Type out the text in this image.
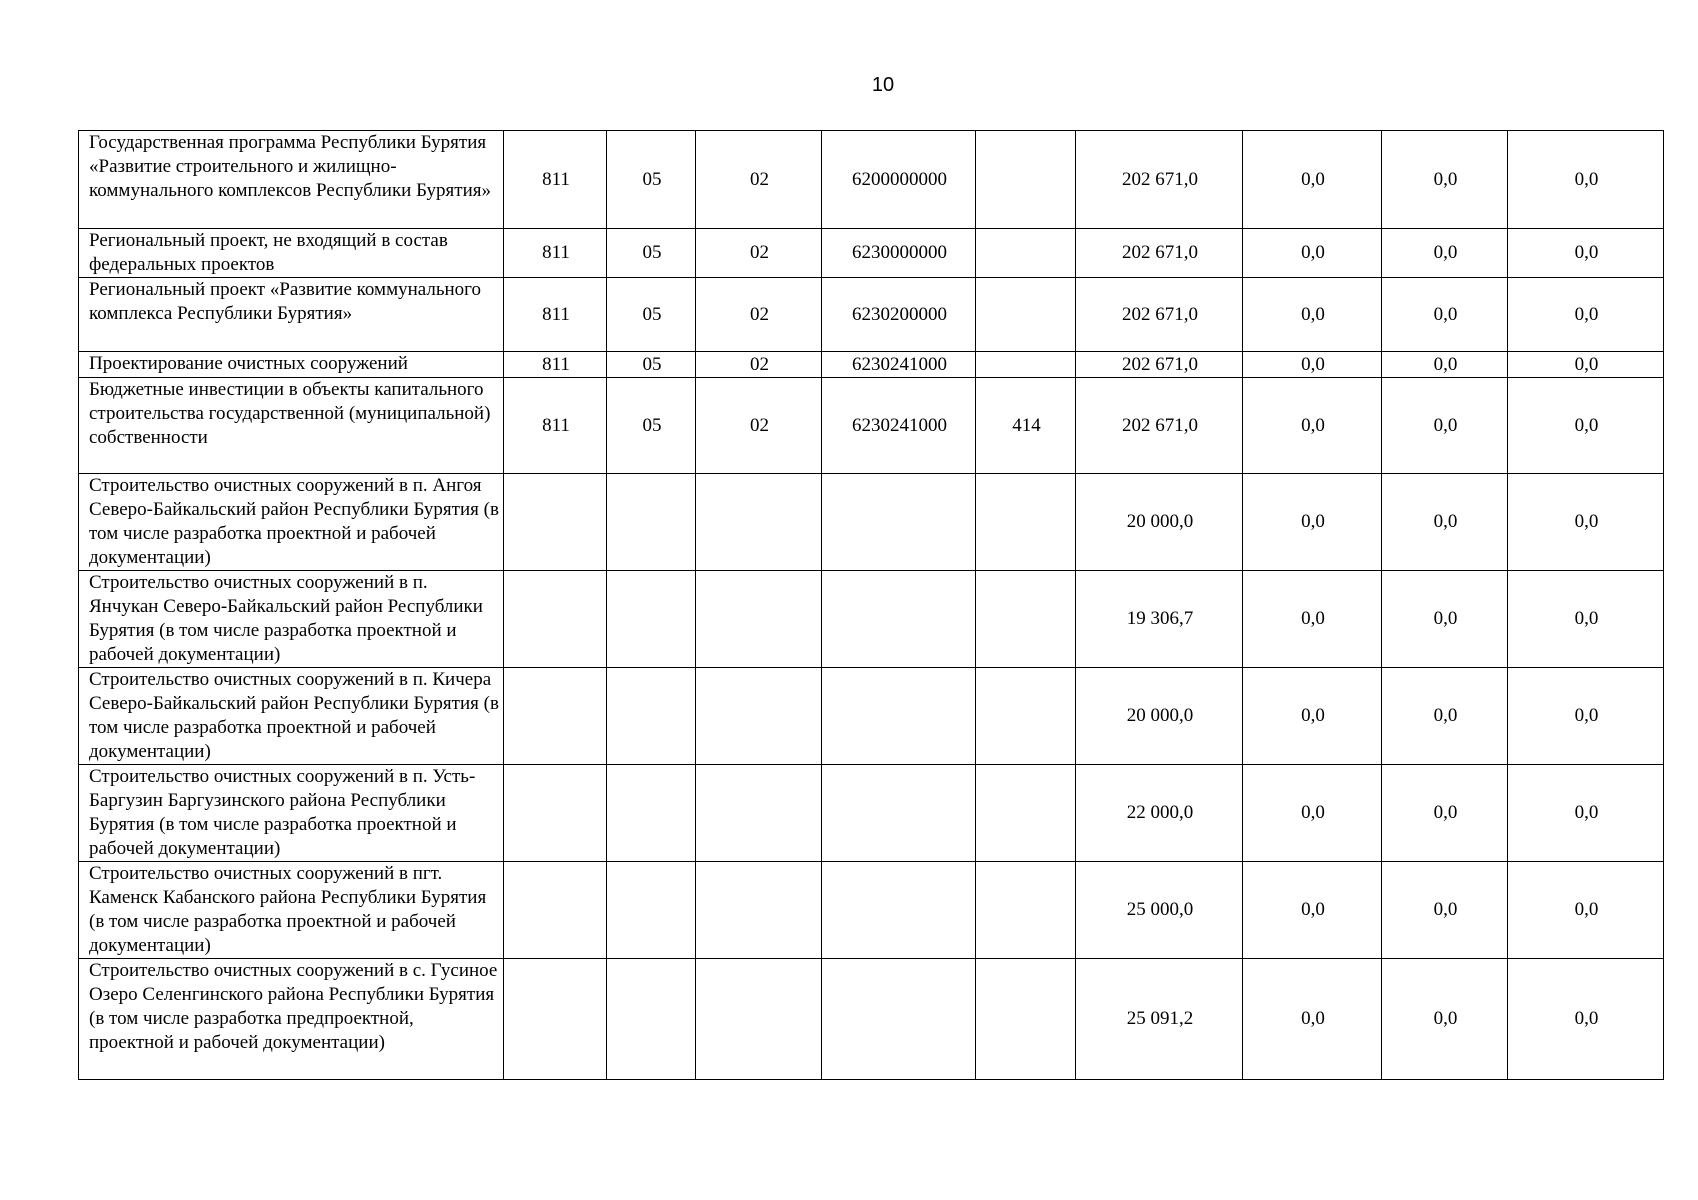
10
Государственная программа Республики Бурятия «Развитие строительного и жилищно-коммунального комплексов Республики Бурятия»	811	05	02	6200000000		202 671,0	0,0	0,0	0,0
Региональный проект, не входящий в состав федеральных проектов	811	05	02	6230000000		202 671,0	0,0	0,0	0,0
Региональный проект «Развитие коммунального комплекса Республики Бурятия»	811	05	02	6230200000		202 671,0	0,0	0,0	0,0
Проектирование очистных сооружений	811	05	02	6230241000		202 671,0	0,0	0,0	0,0
Бюджетные инвестиции в объекты капитального строительства государственной (муниципальной) собственности	811	05	02	6230241000	414	202 671,0	0,0	0,0	0,0
Строительство очистных сооружений в п. Ангоя Северо-Байкальский район Республики Бурятия (в том числе разработка проектной и рабочей документации)						20 000,0	0,0	0,0	0,0
Строительство очистных сооружений в п. Янчукан Северо-Байкальский район Республики Бурятия (в том числе разработка проектной и рабочей документации)						19 306,7	0,0	0,0	0,0
Строительство очистных сооружений в п. Кичера Северо-Байкальский район Республики Бурятия (в том числе разработка проектной и рабочей документации)						20 000,0	0,0	0,0	0,0
Строительство очистных сооружений в п. Усть-Баргузин Баргузинского района Республики Бурятия (в том числе разработка проектной и рабочей документации)						22 000,0	0,0	0,0	0,0
Строительство очистных сооружений в пгт. Каменск Кабанского района Республики Бурятия (в том числе разработка проектной и рабочей документации)						25 000,0	0,0	0,0	0,0
Строительство очистных сооружений в с. Гусиное Озеро Селенгинского района Республики Бурятия (в том числе разработка предпроектной, проектной и рабочей документации)						25 091,2	0,0	0,0	0,0
